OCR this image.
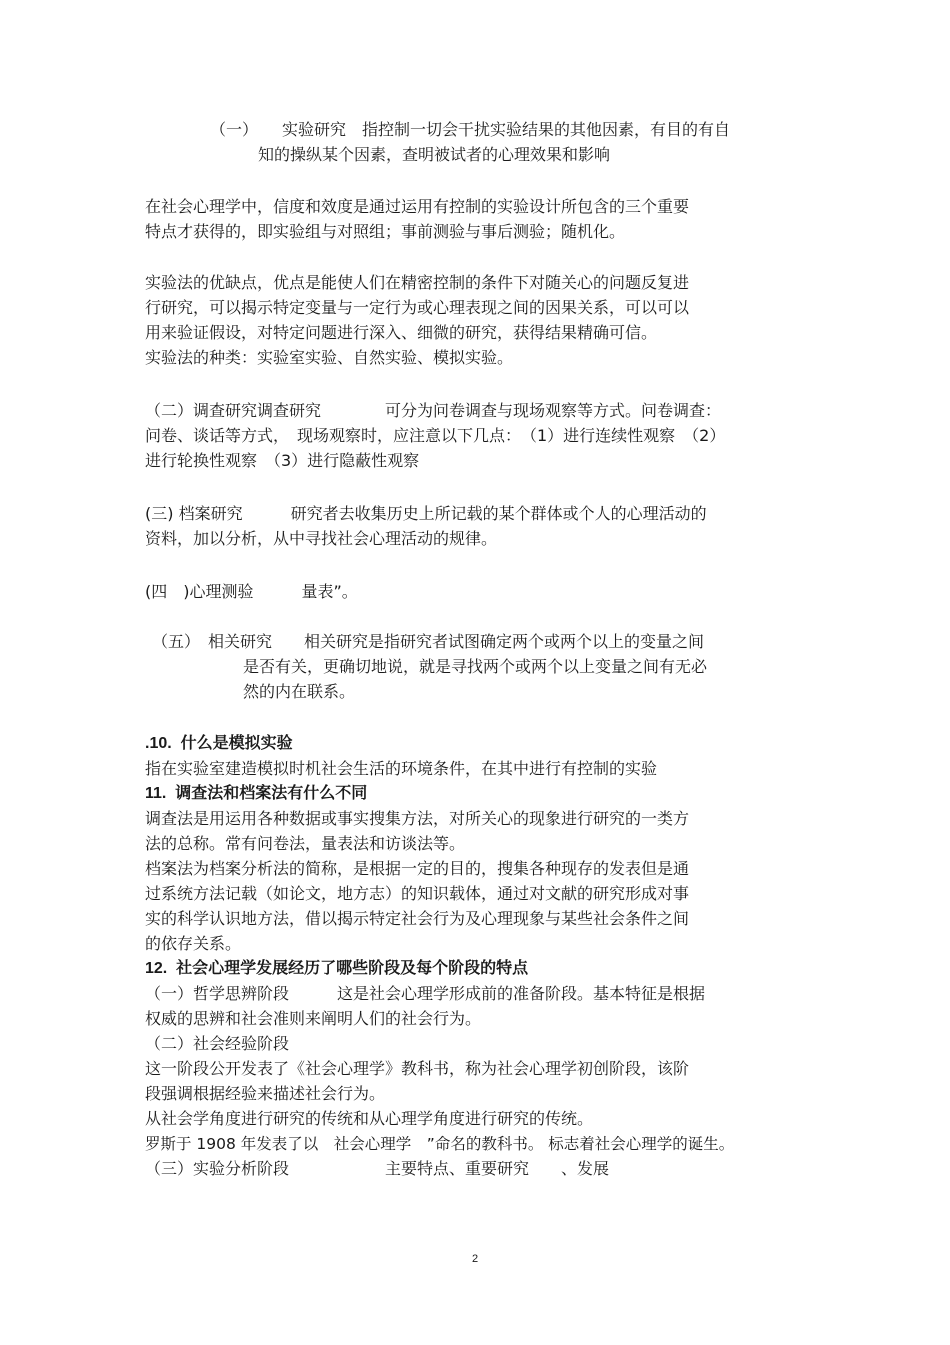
（一）　　实验研究　指控制一切会干扰实验结果的其他因素，有目的有自
知的操纵某个因素，查明被试者的心理效果和影响
在社会心理学中，信度和效度是通过运用有控制的实验设计所包含的三个重要
特点才获得的，即实验组与对照组；事前测验与事后测验；随机化。
实验法的优缺点，优点是能使人们在精密控制的条件下对随关心的问题反复进
行研究，可以揭示特定变量与一定行为或心理表现之间的因果关系，可以可以
用来验证假设，对特定问题进行深入、细微的研究，获得结果精确可信。
实验法的种类：实验室实验、自然实验、模拟实验。
（二）调查研究调查研究　　　　可分为问卷调查与现场观察等方式。问卷调查：
问卷、谈话等方式，　现场观察时，应注意以下几点：　（1）进行连续性观察　（2）
进行轮换性观察　（3）进行隐蔽性观察
(三) 档案研究　　　研究者去收集历史上所记载的某个群体或个人的心理活动的
资料，加以分析，从中寻找社会心理活动的规律。
(四　)心理测验　　　量表”。
（五）　相关研究　　相关研究是指研究者试图确定两个或两个以上的变量之间
是否有关，更确切地说，就是寻找两个或两个以上变量之间有无必
然的内在联系。
.10.  什么是模拟实验
指在实验室建造模拟时机社会生活的环境条件，在其中进行有控制的实验
11.  调查法和档案法有什么不同
调查法是用运用各种数据或事实搜集方法，对所关心的现象进行研究的一类方
法的总称。常有问卷法，量表法和访谈法等。
档案法为档案分析法的简称，是根据一定的目的，搜集各种现存的发表但是通
过系统方法记载（如论文，地方志）的知识载体，通过对文献的研究形成对事
实的科学认识地方法，借以揭示特定社会行为及心理现象与某些社会条件之间
的依存关系。
12.  社会心理学发展经历了哪些阶段及每个阶段的特点
（一）哲学思辨阶段　　　这是社会心理学形成前的准备阶段。基本特征是根据
权威的思辨和社会准则来阐明人们的社会行为。
（二）社会经验阶段
这一阶段公开发表了《社会心理学》教科书，称为社会心理学初创阶段，该阶
段强调根据经验来描述社会行为。
从社会学角度进行研究的传统和从心理学角度进行研究的传统。
罗斯于 1908 年发表了以　社会心理学　”命名的教科书。 标志着社会心理学的诞生。
（三）实验分析阶段　　　　　　主要特点、重要研究　　、发展
2
